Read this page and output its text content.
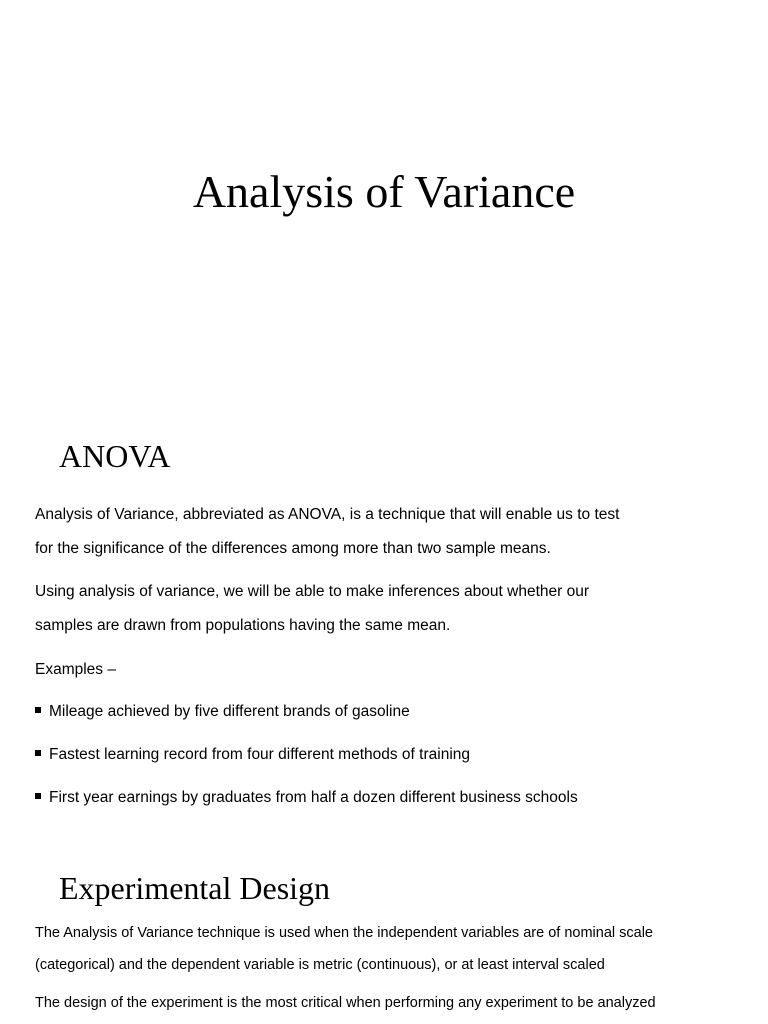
Analysis of Variance
ANOVA
Analysis of Variance, abbreviated as ANOVA, is a technique that will enable us to test
for the significance of the differences among more than two sample means.
Using analysis of variance, we will be able to make inferences about whether our
samples are drawn from populations having the same mean.
Examples –
Mileage achieved by five different brands of gasoline
Fastest learning record from four different methods of training
First year earnings by graduates from half a dozen different business schools
Experimental Design
The Analysis of Variance technique is used when the independent variables are of nominal scale
(categorical) and the dependent variable is metric (continuous), or at least interval scaled
The design of the experiment is the most critical when performing any experiment to be analyzed
